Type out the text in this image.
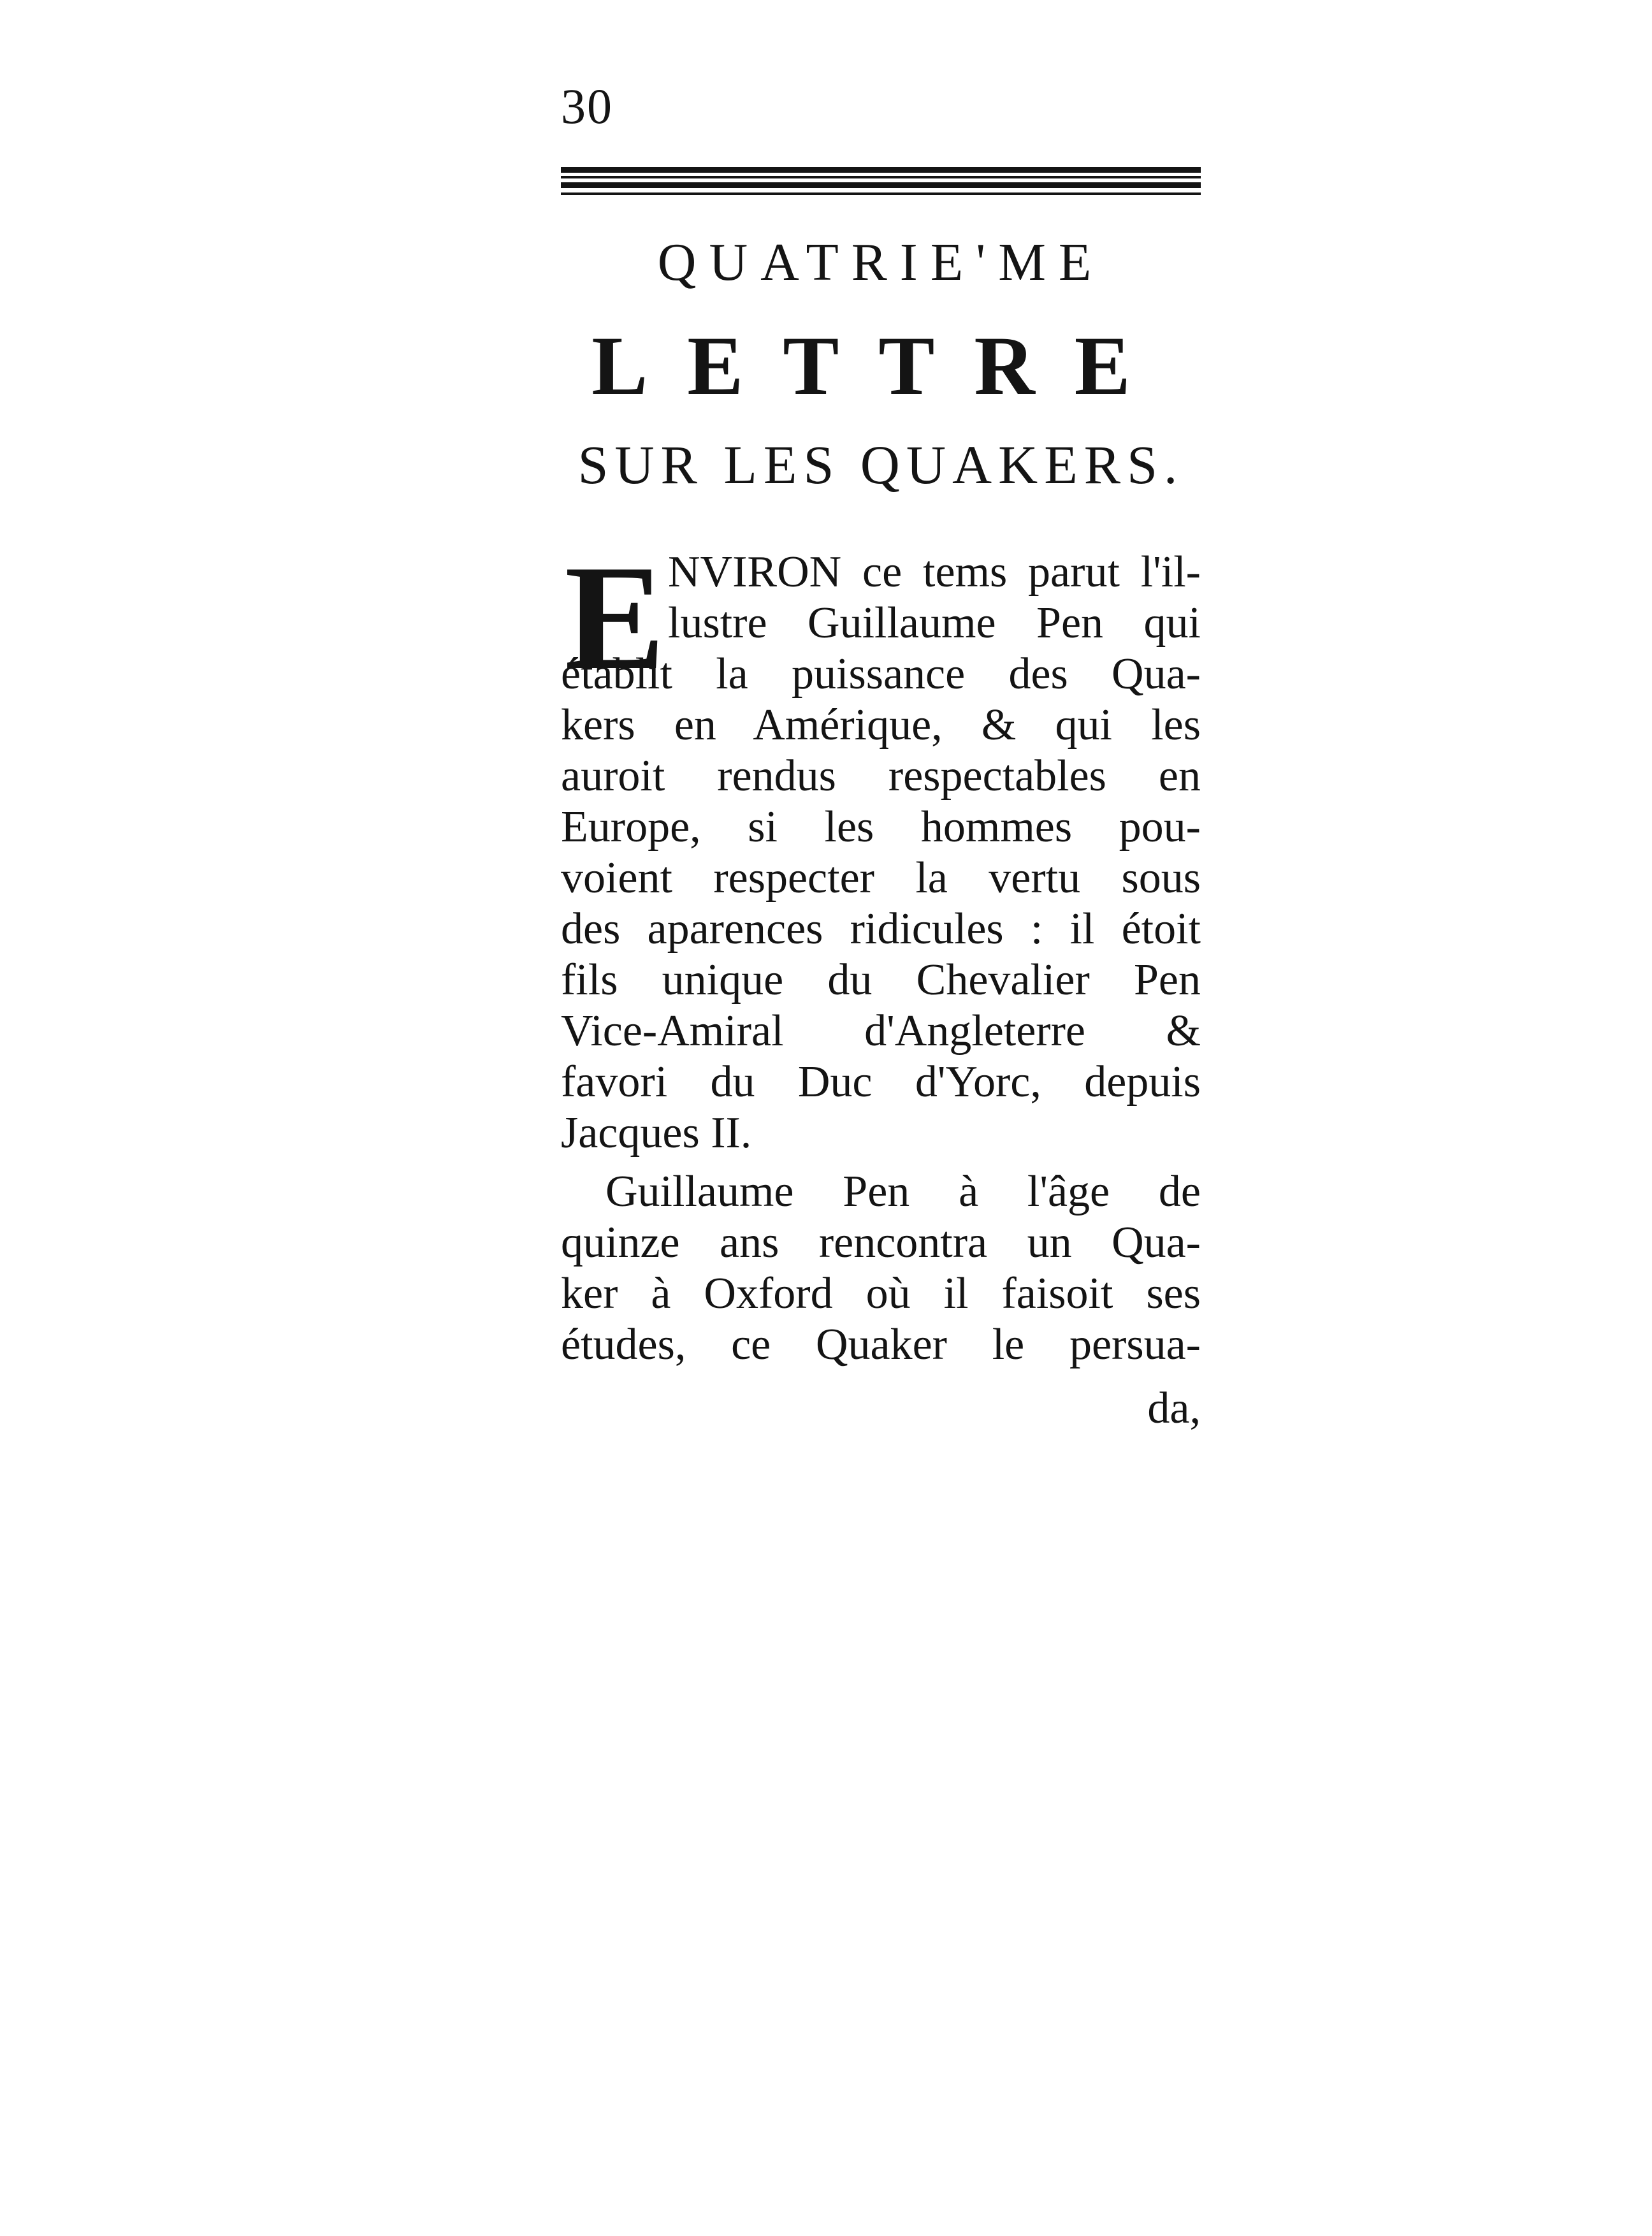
30
QUATRIE'ME
LETTRE
SUR LES QUAKERS.
E NVIRON ce tems parut l'il-
lustre Guillaume Pen qui
établit la puissance des Qua-
kers en Amérique, & qui les
auroit rendus respectables en
Europe, si les hommes pou-
voient respecter la vertu sous
des aparences ridicules : il étoit
fils unique du Chevalier Pen
Vice-Amiral d'Angleterre &
favori du Duc d'Yorc, depuis
Jacques II.
Guillaume Pen à l'âge de
quinze ans rencontra un Qua-
ker à Oxford où il faisoit ses
études, ce Quaker le persua-
da,
